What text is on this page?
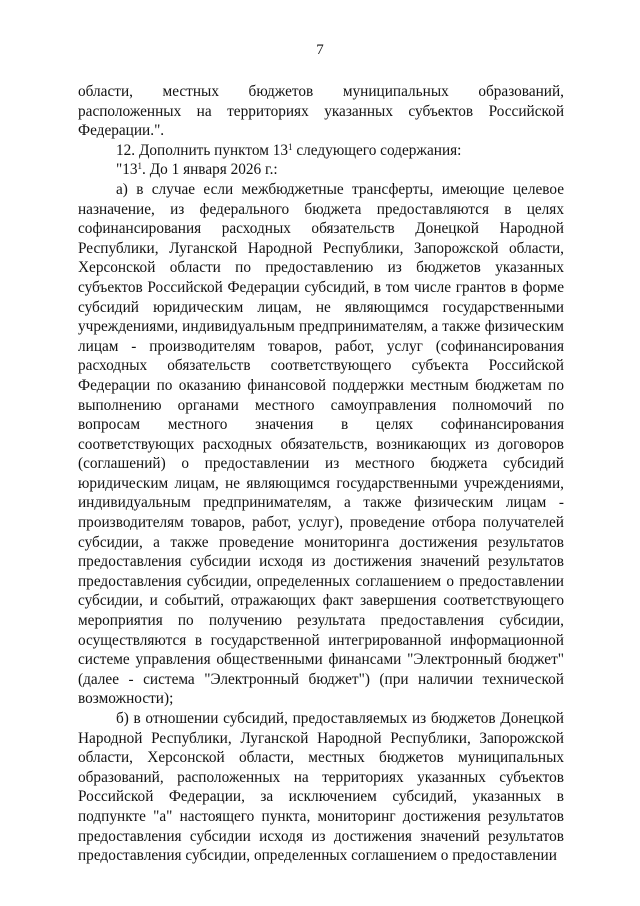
7

области, местных бюджетов муниципальных образований, расположенных на территориях указанных субъектов Российской Федерации.".

12. Дополнить пунктом $13^1$ следующего содержания:

"$13^1$. До 1 января 2026 г.:

а) в случае если межбюджетные трансферты, имеющие целевое назначение, из федерального бюджета предоставляются в целях софинансирования расходных обязательств Донецкой Народной Республики, Луганской Народной Республики, Запорожской области, Херсонской области по предоставлению из бюджетов указанных субъектов Российской Федерации субсидий, в том числе грантов в форме субсидий юридическим лицам, не являющимся государственными учреждениями, индивидуальным предпринимателям, а также физическим лицам - производителям товаров, работ, услуг (софинансирования расходных обязательств соответствующего субъекта Российской Федерации по оказанию финансовой поддержки местным бюджетам по выполнению органами местного самоуправления полномочий по вопросам местного значения в целях софинансирования соответствующих расходных обязательств, возникающих из договоров (соглашений) о предоставлении из местного бюджета субсидий юридическим лицам, не являющимся государственными учреждениями, индивидуальным предпринимателям, а также физическим лицам - производителям товаров, работ, услуг), проведение отбора получателей субсидии, а также проведение мониторинга достижения результатов предоставления субсидии исходя из достижения значений результатов предоставления субсидии, определенных соглашением о предоставлении субсидии, и событий, отражающих факт завершения соответствующего мероприятия по получению результата предоставления субсидии, осуществляются в государственной интегрированной информационной системе управления общественными финансами "Электронный бюджет" (далее - система "Электронный бюджет") (при наличии технической возможности);

б) в отношении субсидий, предоставляемых из бюджетов Донецкой Народной Республики, Луганской Народной Республики, Запорожской области, Херсонской области, местных бюджетов муниципальных образований, расположенных на территориях указанных субъектов Российской Федерации, за исключением субсидий, указанных в подпункте "а" настоящего пункта, мониторинг достижения результатов предоставления субсидии исходя из достижения значений результатов предоставления субсидии, определенных соглашением о предоставлении
